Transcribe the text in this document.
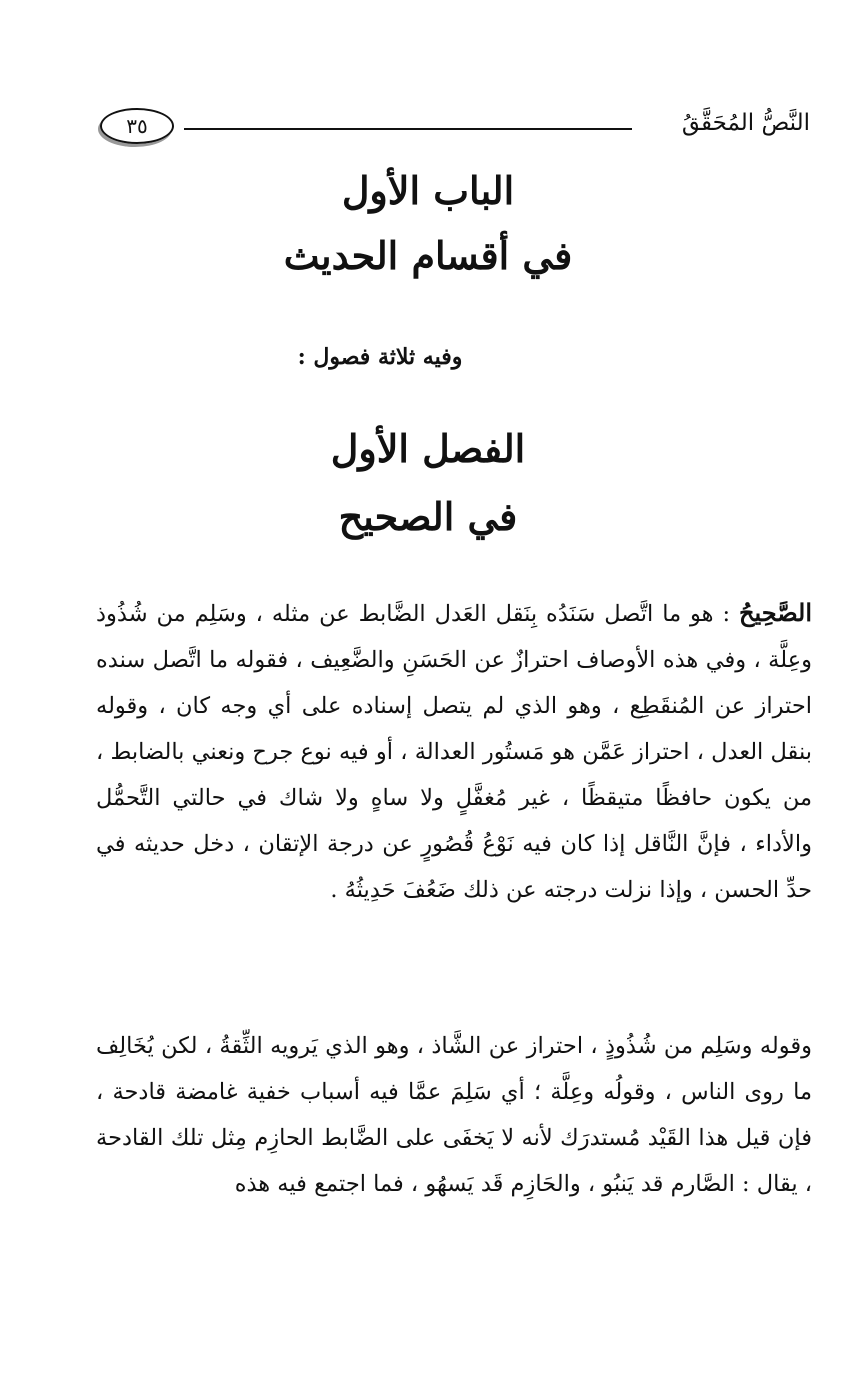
النَّصُّ المُحَقَّقُ
٣٥
الباب الأول
في أقسام الحديث
وفيه ثلاثة فصول :
الفصل الأول
في الصحيح

الصَّحِيحُ : هو ما اتَّصل سَنَدُه بِنَقل العَدل الضَّابط عن مثله ، وسَلِم من شُذُوذ وعِلَّة ، وفي هذه الأوصاف احترازٌ عن الحَسَنِ والضَّعِيف ، فقوله ما اتَّصل سنده احتراز عن المُنقَطِع ، وهو الذي لم يتصل إسناده على أي وجه كان ، وقوله بنقل العدل ، احتراز عَمَّن هو مَستُور العدالة ، أو فيه نوع جرح ونعني بالضابط ، من يكون حافظًا متيقظًا ، غير مُغفَّلٍ ولا ساهٍ ولا شاك في حالتي التَّحمُّل والأداء ، فإنَّ النَّاقل إذا كان فيه نَوْعُ قُصُورٍ عن درجة الإتقان ، دخل حديثه في حدِّ الحسن ، وإذا نزلت درجته عن ذلك ضَعُفَ حَدِيثُهُ .

وقوله وسَلِم من شُذُوذٍ ، احتراز عن الشَّاذ ، وهو الذي يَرويه الثِّقةُ ، لكن يُخَالِف ما روى الناس ، وقولُه وعِلَّة ؛ أي سَلِمَ عمَّا فيه أسباب خفية غامضة قادحة ، فإن قيل هذا القَيْد مُستدرَك لأنه لا يَخفَى على الضَّابط الحازِم مِثل تلك القادحة ، يقال : الصَّارم قد يَنبُو ، والحَازِم قَد يَسهُو ، فما اجتمع فيه هذه
